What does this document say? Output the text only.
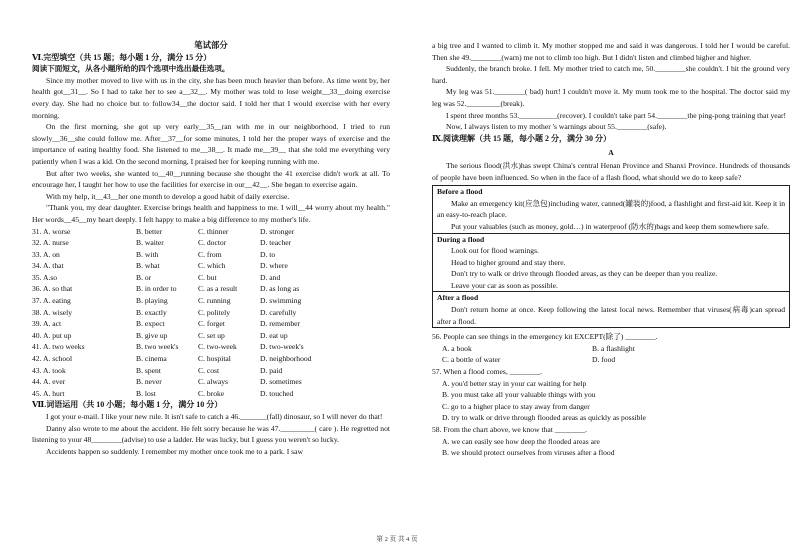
笔试部分

Ⅵ.完型填空（共 15 题；每小题 1 分，满分 15 分）

阅读下面短文，从各小题所给的四个选项中选出最佳选项。

Since my mother moved to live with us in the city, she has been much heavier than before. As time went by, her health got__31__. So I had to take her to see a__32__. My mother was told to lose weight__33__doing exercise every day. She had no choice but to follow34__the doctor said. I told her that I would exercise with her every morning.

On the first morning, she got up very early__35__ran with me in our neighborhood. I tried to run slowly__36__she could follow me. After__37__for some minutes, I told her the proper ways of exercise and the importance of eating healthy food. She listened to me__38__. It made me__39__ that she told me everything very patiently when I was a kid. On the second morning, I praised her for keeping running with me.

But after two weeks, she wanted to__40__running because she thought the 41 exercise didn't work at all. To encourage her, I taught her how to use the facilities for exercise in our__42__. She began to exercise again.

With my help, it__43__her one month to develop a good habit of daily exercise.

"Thank you, my dear daughter. Exercise brings health and happiness to me. I will__44 worry about my health." Her words__45__my heart deeply. I felt happy to make a big difference to my mother's life.

31. A. worse	B. better	C. thinner	D. stronger
32. A. nurse	B. waiter	C. doctor	D. teacher
33. A. on	B. with	C. from	D. to
34. A. that	B. what	C. which	D. where
35. A.so	B. or	C. but	D. and
36. A. so that	B. in order to	C. as a result	D. as long as
37. A. eating	B. playing	C. running	D. swimming
38. A. wisely	B. exactly	C. politely	D. carefully
39. A. act	B. expect	C. forget	D. remember
40. A. put up	B. give up	C. set up	D. eat up
41. A. two weeks	B. two week's	C. two-week	D. two-week's
42. A. school	B. cinema	C. hospital	D. neighborhood
43. A. took	B. spent	C. cost	D. paid
44. A. ever	B. never	C. always	D. sometimes
45. A. hurt	B. lost	C. broke	D. touched

Ⅶ.词语运用（共 10 小题；每小题 1 分，满分 10 分）

I got your e-mail. I like your new rule. It isn't safe to catch a 46._______(fall) dinosaur, so I will never do that!

Danny also wrote to me about the accident. He felt sorry because he was 47._________( care ). He regretted not listening to your 48________(advise) to use a ladder. He was lucky, but I guess you weren't so lucky.

Accidents happen so suddenly. I remember my mother once took me to a park. I saw

a big tree and I wanted to climb it. My mother stopped me and said it was dangerous. I told her I would be careful. Then she 49.________(warn) me not to climb too high. But I didn't listen and climbed higher and higher.

Suddenly, the branch broke. I fell. My mother tried to catch me, 50.________she couldn't. I hit the ground very hard.

My leg was 51.________( bad) hurt! I couldn't move it. My mum took me to the hospital. The doctor said my leg was 52._________(break).

I spent three months 53.__________(recover). I couldn't take part 54.________the ping-pong training that year!

Now, I always listen to my mother 's warnings about 55.________(safe).

Ⅸ.阅读理解（共 15 题，每小题 2 分，满分 30 分）

A

The serious flood(洪水)has swept China's central Henan Province and Shanxi Province. Hundreds of thousands of people have been influenced. So when in the face of a flash flood, what should we do to keep safe?

Before a flood

Make an emergency kit(应急包)including water, canned(罐装的)food, a flashlight and first-aid kit. Keep it in an easy-to-reach place.

Put your valuables (such as money, gold…) in waterproof (防水的)bags and keep them somewhere safe.

During a flood

Look out for flood warnings.

Head to higher ground and stay there.

Don't try to walk or drive through flooded areas, as they can be deeper than you realize.

Leave your car as soon as possible.

After a flood

Don't return home at once. Keep following the latest local news. Remember that viruses(病毒)can spread after a flood.

56. People can see things in the emergency kit EXCEPT(除了) ________.

A. a book	B. a flashlight
C. a bottle of water	D. food

57. When a flood comes, ________.

A. you'd better stay in your car waiting for help

B. you must take all your valuable things with you

C. go to a higher place to stay away from danger

D. try to walk or drive through flooded areas as quickly as possible

58. From the chart above, we know that ________.

A. we can easily see how deep the flooded areas are

B. we should protect ourselves from viruses after a flood

第 2 页 共 4 页
